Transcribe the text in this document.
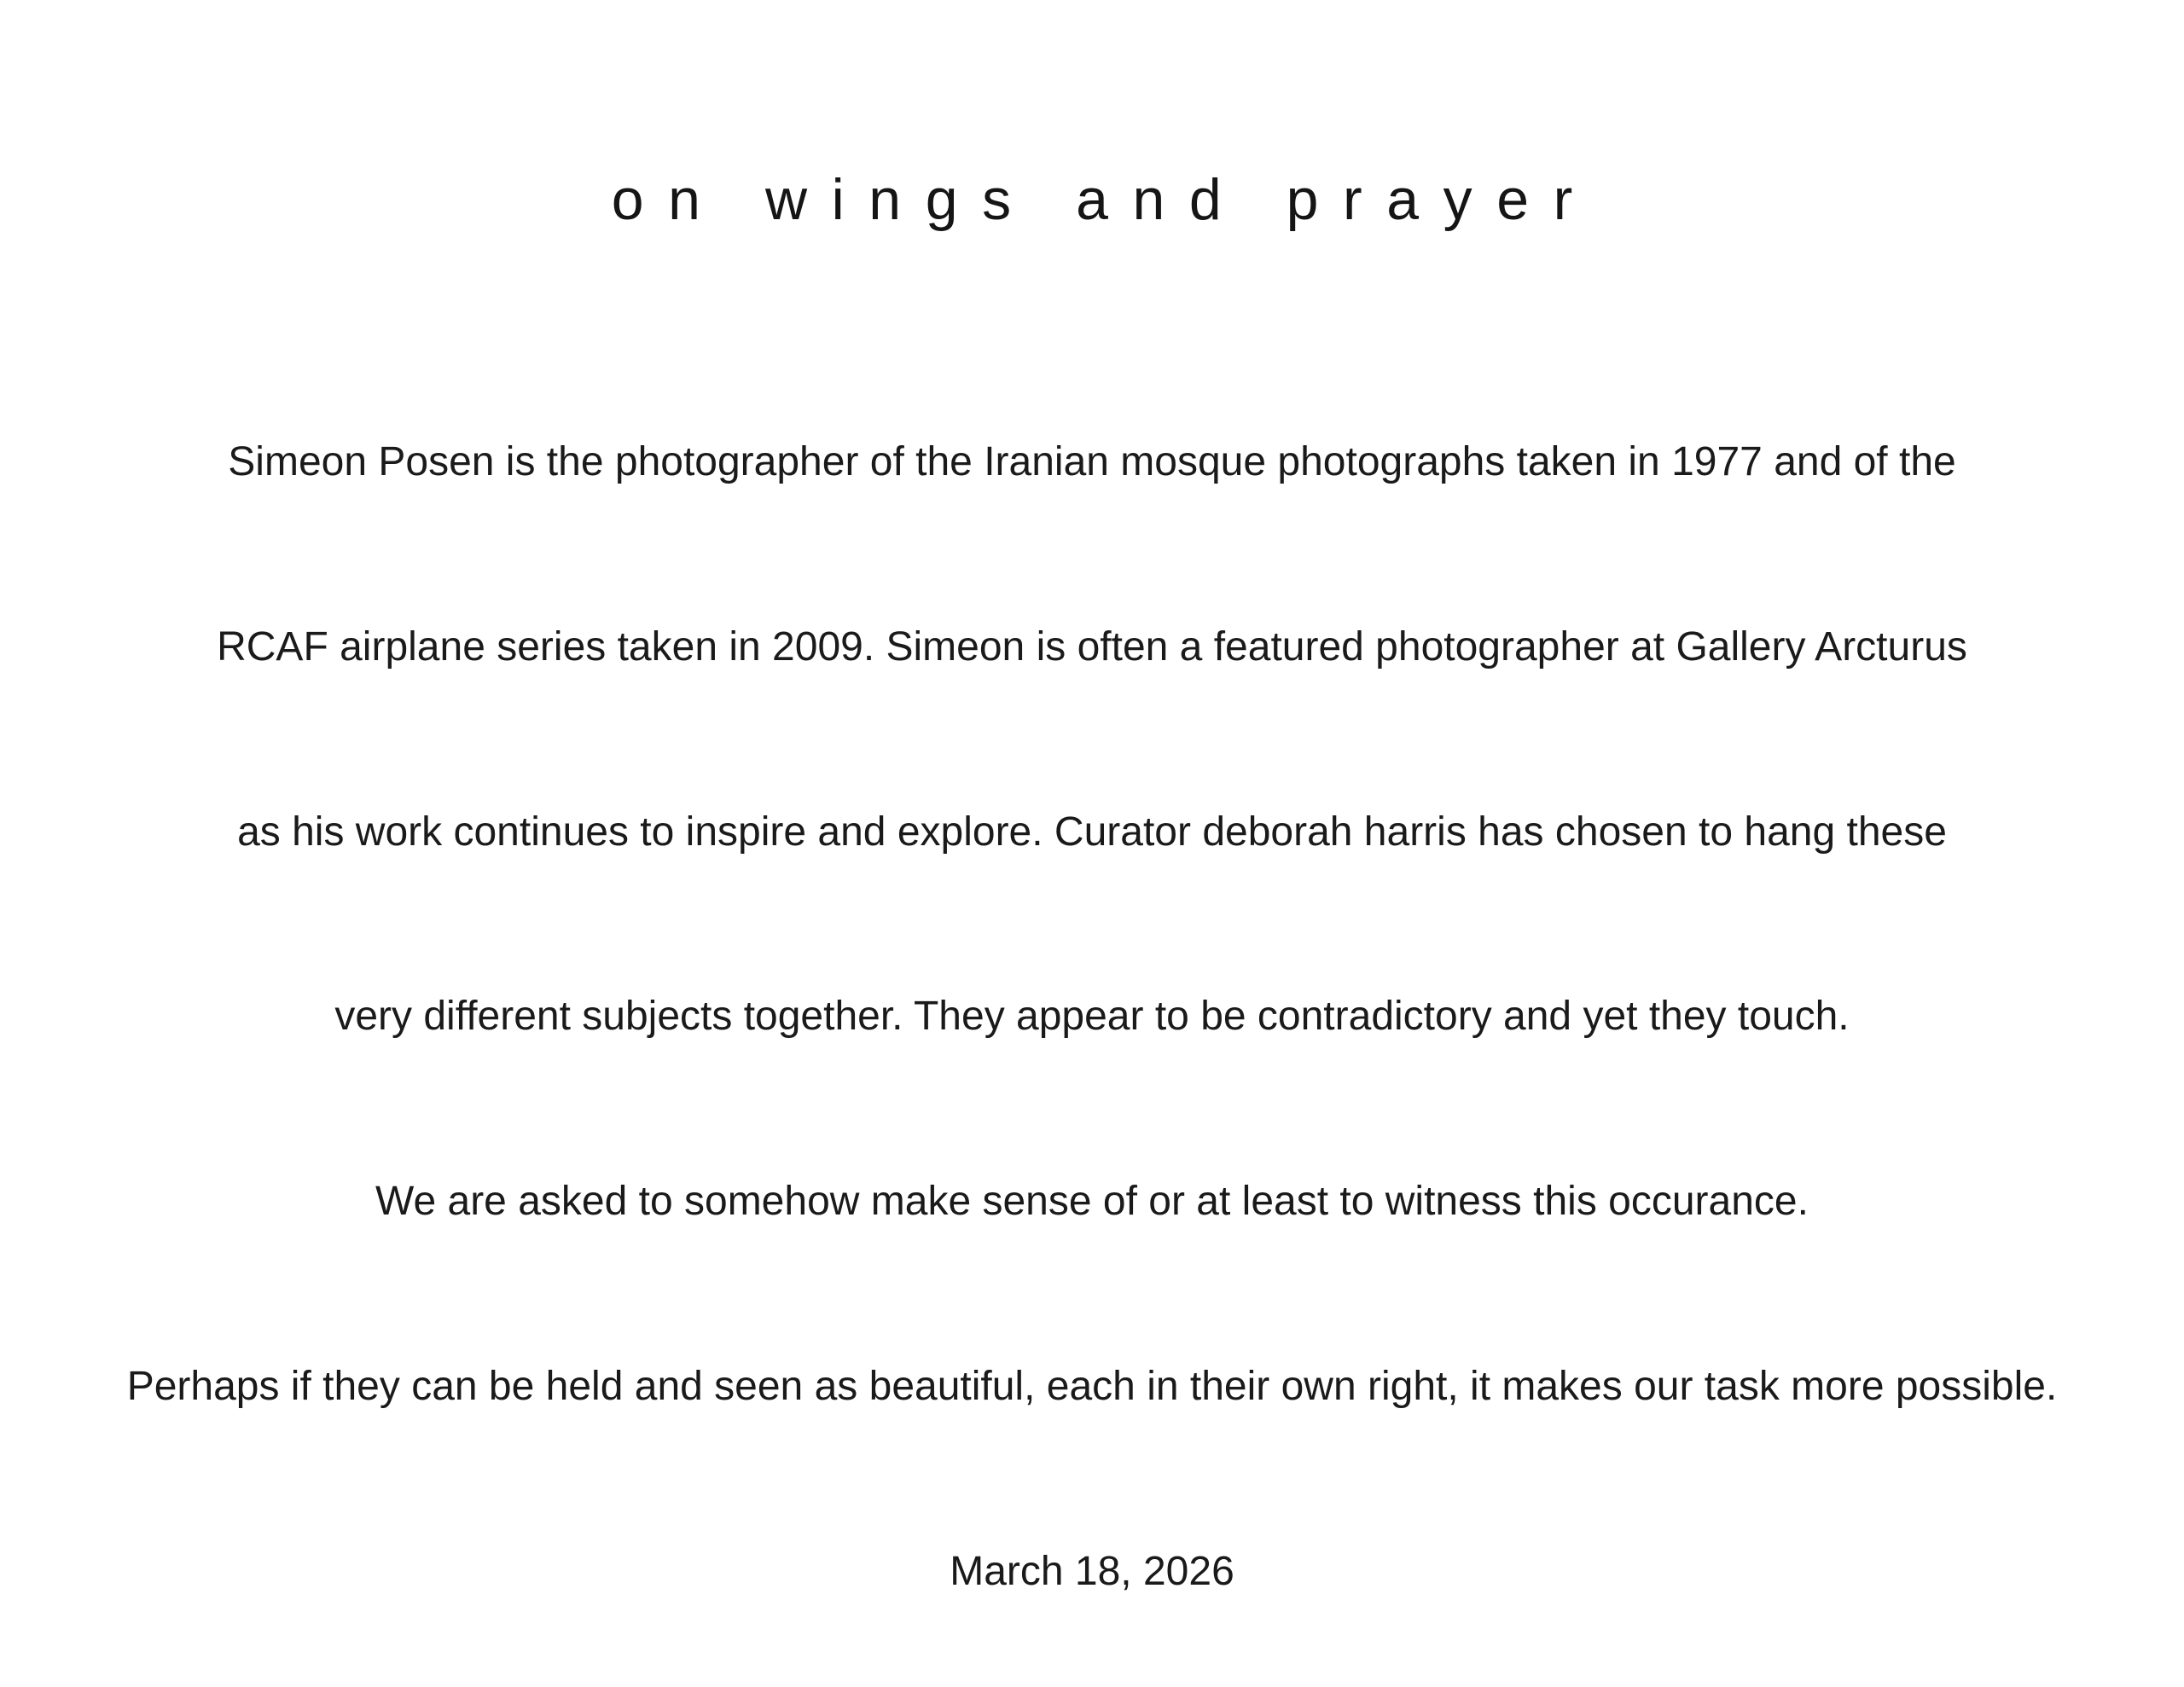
on wings and prayer

Simeon Posen is the photographer of the Iranian mosque photographs taken in 1977 and of the

RCAF airplane series taken in 2009. Simeon is often a featured photographer at Gallery Arcturus

as his work continues to inspire and explore. Curator deborah harris has chosen to hang these

very different subjects together. They appear to be contradictory and yet they touch.

We are asked to somehow make sense of or at least to witness this occurance.

Perhaps if they can be held and seen as beautiful, each in their own right, it makes our task more possible.

March 18, 2026
